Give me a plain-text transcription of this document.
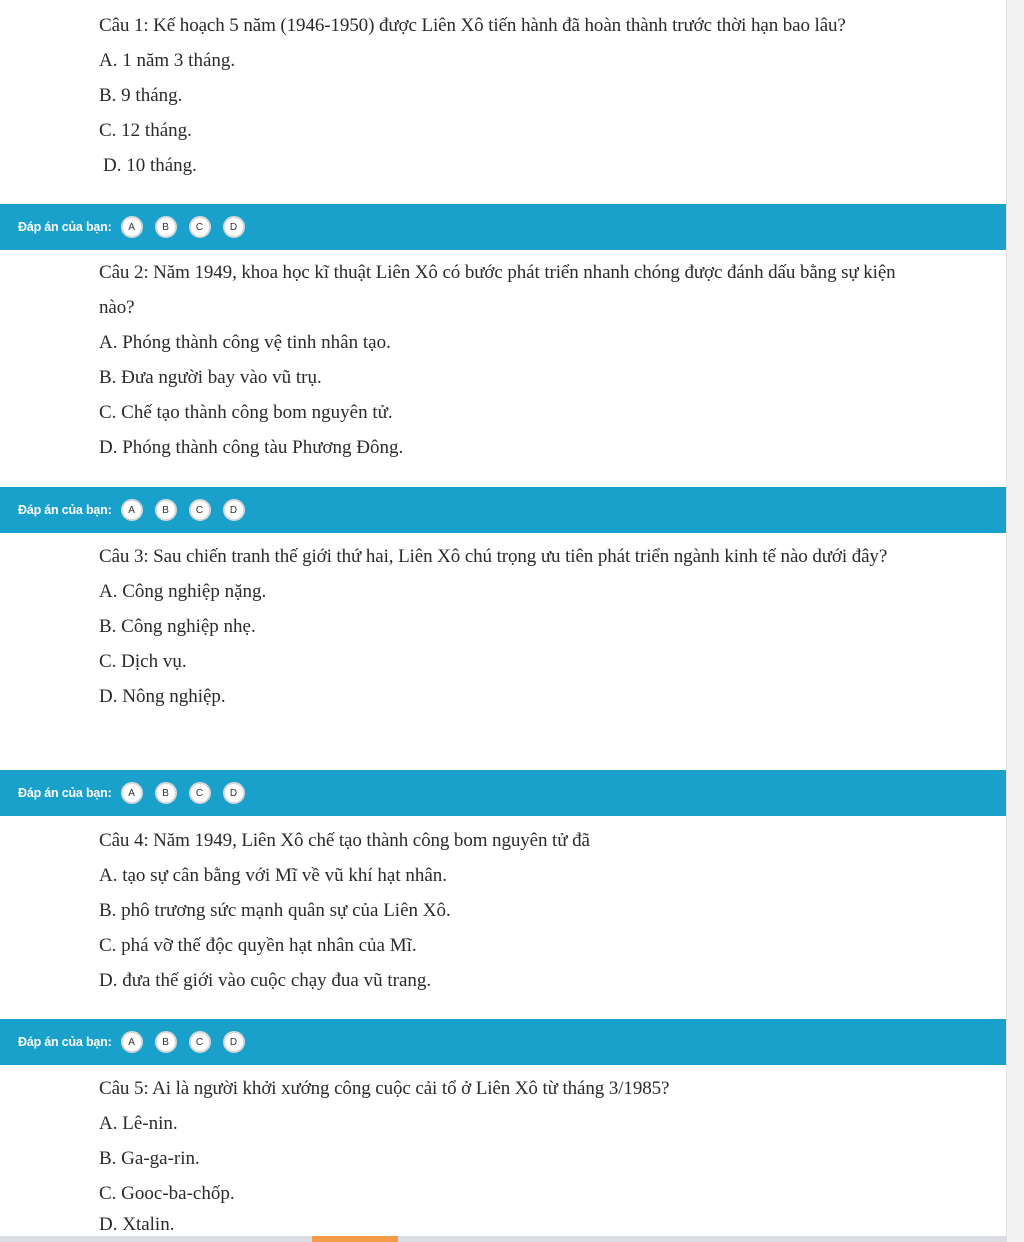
Câu 1: Kế hoạch 5 năm (1946-1950) được Liên Xô tiến hành đã hoàn thành trước thời hạn bao lâu?

A. 1 năm 3 tháng.

B. 9 tháng.

C. 12 tháng.

D. 10 tháng.

Đáp án của bạn:	A	B	C	D

Câu 2: Năm 1949, khoa học kĩ thuật Liên Xô có bước phát triển nhanh chóng được đánh dấu bằng sự kiện nào?

A. Phóng thành công vệ tinh nhân tạo.

B. Đưa người bay vào vũ trụ.

C. Chế tạo thành công bom nguyên tử.

D. Phóng thành công tàu Phương Đông.

Đáp án của bạn:	A	B	C	D

Câu 3: Sau chiến tranh thế giới thứ hai, Liên Xô chú trọng ưu tiên phát triển ngành kinh tế nào dưới đây?

A. Công nghiệp nặng.

B. Công nghiệp nhẹ.

C. Dịch vụ.

D. Nông nghiệp.

Đáp án của bạn:	A	B	C	D

Câu 4: Năm 1949, Liên Xô chế tạo thành công bom nguyên tử đã

A. tạo sự cân bằng với Mĩ về vũ khí hạt nhân.

B. phô trương sức mạnh quân sự của Liên Xô.

C. phá vỡ thế độc quyền hạt nhân của Mĩ.

D. đưa thế giới vào cuộc chạy đua vũ trang.

Đáp án của bạn:	A	B	C	D

Câu 5: Ai là người khởi xướng công cuộc cải tổ ở Liên Xô từ tháng 3/1985?

A. Lê-nin.

B. Ga-ga-rin.

C. Gooc-ba-chốp.

D. Xtalin.
